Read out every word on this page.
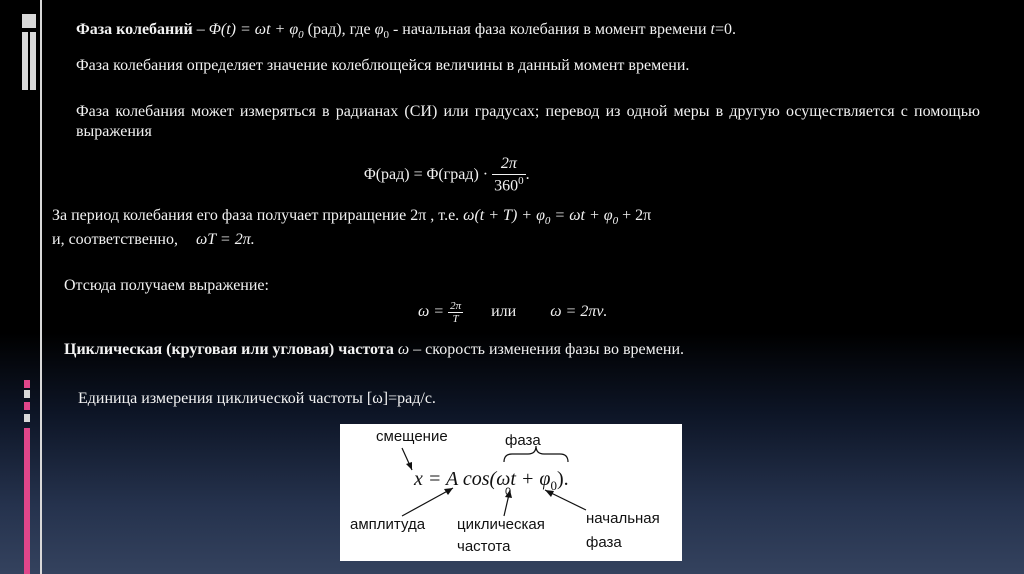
Фаза колебаний – $\Phi(t) = \omega t + \varphi_0$ (рад), где $\varphi_0$ - начальная фаза колебания в момент времени t=0.
Фаза колебания определяет значение колеблющейся величины в данный момент времени.
Фаза колебания может измеряться в радианах (СИ) или градусах; перевод из одной меры в другую осуществляется с помощью выражения
Φ(рад) = Φ(град) · $\frac{2\pi}{360^0}$ .
За период колебания его фаза получает приращение 2π , т.е. $\omega(t + T) + \varphi_0 = \omega t + \varphi_0 + 2\pi$
и, соответственно, ωT = 2π.
Отсюда получаем выражение:
$\omega = \frac{2\pi}{T}$ или ω = 2πν.
Циклическая (круговая или угловая) частота ω – скорость изменения фазы во времени.
Единица измерения циклической частоты [ω]=рад/с.
смещение	фаза
x = A $\cos(\omega t + \varphi_0)$.
0
амплитуда циклическая
частота
начальная
фаза
